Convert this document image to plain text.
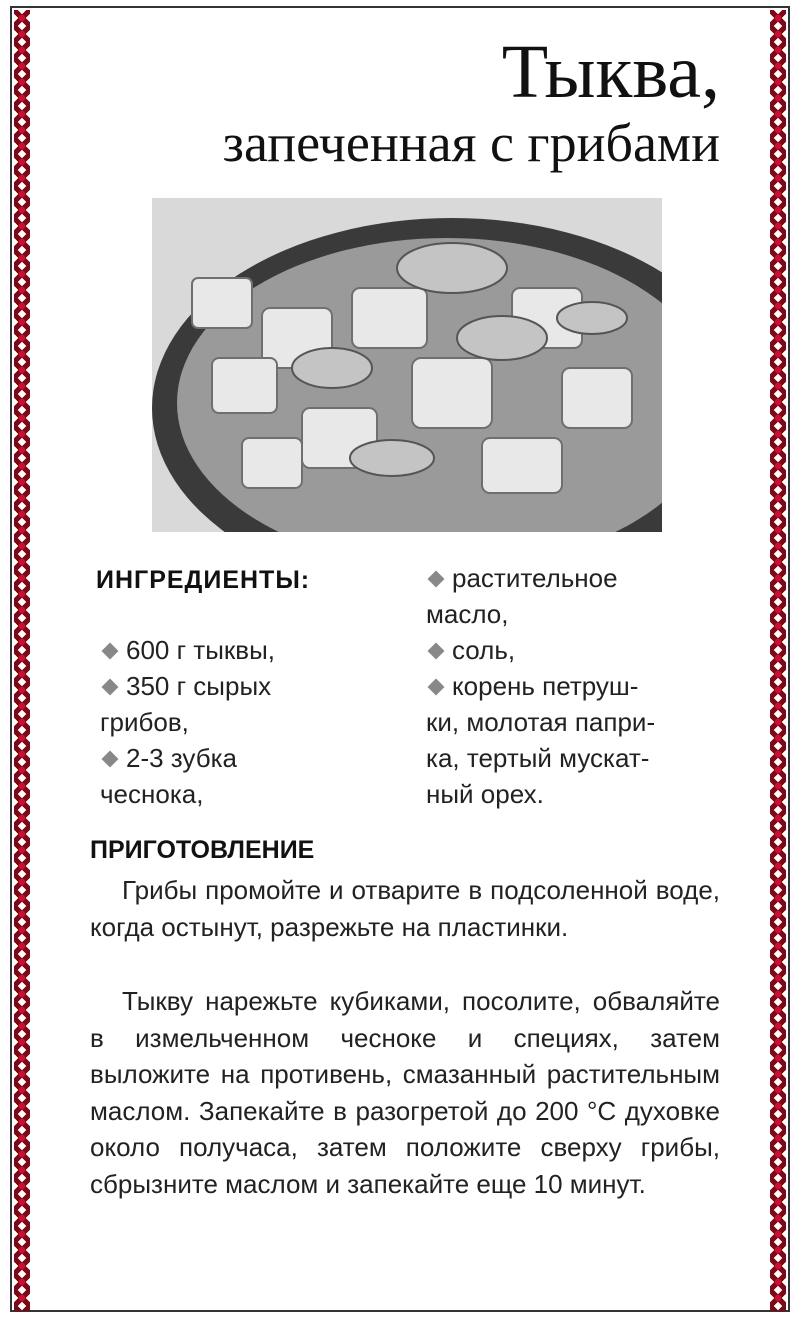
Тыква,
запеченная с грибами
ИНГРЕДИЕНТЫ:
600 г тыквы,
350 г сырых
грибов,
2-3 зубка
чеснока,
растительное
масло,
соль,
корень петруш-
ки, молотая папри-
ка, тертый мускат-
ный орех.
ПРИГОТОВЛЕНИЕ

Грибы промойте и отварите в подсоленной воде, когда остынут, разрежьте на пластинки.

Тыкву нарежьте кубиками, посолите, обваляйте в измельченном чесноке и специях, затем выложите на противень, смазанный растительным маслом. Запекайте в разогретой до 200 °С духовке около получаса, затем положите сверху грибы, сбрызните маслом и запекайте еще 10 минут.
